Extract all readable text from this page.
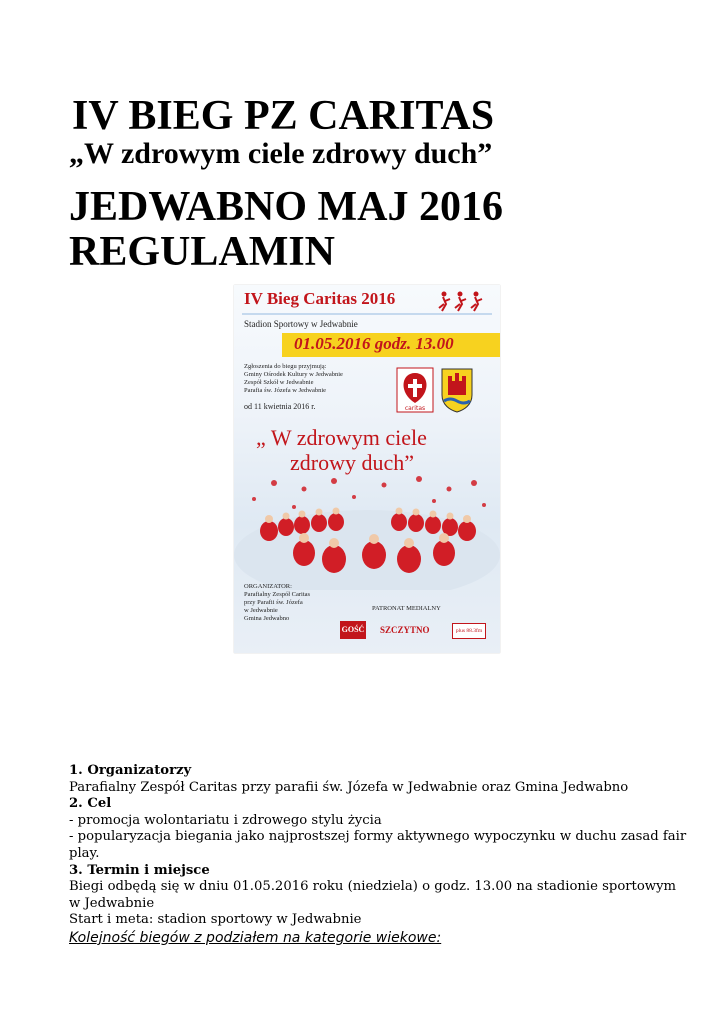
IV BIEG PZ CARITAS
„W zdrowym ciele zdrowy duch”
JEDWABNO MAJ 2016
REGULAMIN
IV Bieg Caritas 2016
Stadion Sportowy w Jedwabnie
01.05.2016 godz. 13.00
Zgłoszenia do biegu przyjmują:
Gminy Ośrodek Kultury w Jedwabnie
Zespół Szkół w Jedwabnie
Parafia św. Józefa w Jedwabnie
od 11 kwietnia 2016 r.	caritas
„ W zdrowym ciele
zdrowy duch”
ORGANIZATOR:
Parafialny Zespół Caritas
przy Parafii św. Józefa
w Jedwabnie
Gmina Jedwabno
PATRONAT MEDIALNY
GOŚĆ SZCZYTNO	plus 88.3fm

1. Organizatorzy

Parafialny Zespół Caritas przy parafii św. Józefa w Jedwabnie oraz Gmina Jedwabno

2. Cel

- promocja wolontariatu i zdrowego stylu życia

- popularyzacja biegania jako najprostszej formy aktywnego wypoczynku w duchu zasad fair play.

3. Termin i miejsce

Biegi odbędą się w dniu 01.05.2016 roku (niedziela) o godz. 13.00 na stadionie sportowym w Jedwabnie

Start i meta: stadion sportowy w Jedwabnie

Kolejność biegów z podziałem na kategorie wiekowe:
